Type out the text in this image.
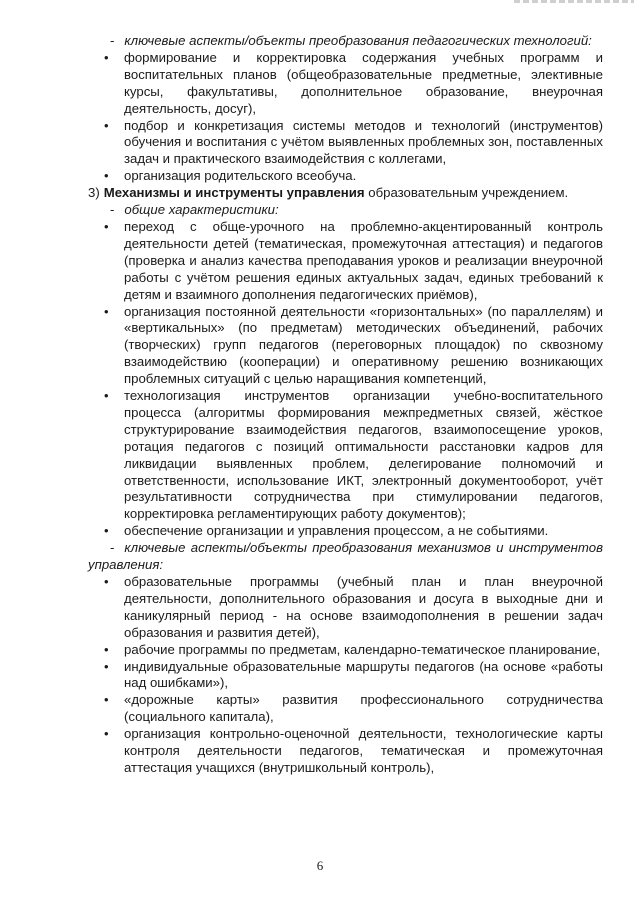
- ключевые аспекты/объекты преобразования педагогических технологий:

• формирование и корректировка содержания учебных программ и воспитательных планов (общеобразовательные предметные, элективные курсы, факультативы, дополнительное образование, внеурочная деятельность, досуг),
• подбор и конкретизация системы методов и технологий (инструментов) обучения и воспитания с учётом выявленных проблемных зон, поставленных задач и практического взаимодействия с коллегами,
• организация родительского всеобуча.

3) Механизмы и инструменты управления образовательным учреждением.

- общие характеристики:

• переход с обще-урочного на проблемно-акцентированный контроль деятельности детей (тематическая, промежуточная аттестация) и педагогов (проверка и анализ качества преподавания уроков и реализации внеурочной работы с учётом решения единых актуальных задач, единых требований к детям и взаимного дополнения педагогических приёмов),
• организация постоянной деятельности «горизонтальных» (по параллелям) и «вертикальных» (по предметам) методических объединений, рабочих (творческих) групп педагогов (переговорных площадок) по сквозному взаимодействию (кооперации) и оперативному решению возникающих проблемных ситуаций с целью наращивания компетенций,
• технологизация инструментов организации учебно-воспитательного процесса (алгоритмы формирования межпредметных связей, жёсткое структурирование взаимодействия педагогов, взаимопосещение уроков, ротация педагогов с позиций оптимальности расстановки кадров для ликвидации выявленных проблем, делегирование полномочий и ответственности, использование ИКТ, электронный документооборот, учёт результативности сотрудничества при стимулировании педагогов, корректировка регламентирующих работу документов);
• обеспечение организации и управления процессом, а не событиями.

- ключевые аспекты/объекты преобразования механизмов и инструментов управления:

• образовательные программы (учебный план и план внеурочной деятельности, дополнительного образования и досуга в выходные дни и каникулярный период - на основе взаимодополнения в решении задач образования и развития детей),
• рабочие программы по предметам, календарно-тематическое планирование,
• индивидуальные образовательные маршруты педагогов (на основе «работы над ошибками»),
• «дорожные карты» развития профессионального сотрудничества (социального капитала),
• организация контрольно-оценочной деятельности, технологические карты контроля деятельности педагогов, тематическая и промежуточная аттестация учащихся (внутришкольный контроль),
6
